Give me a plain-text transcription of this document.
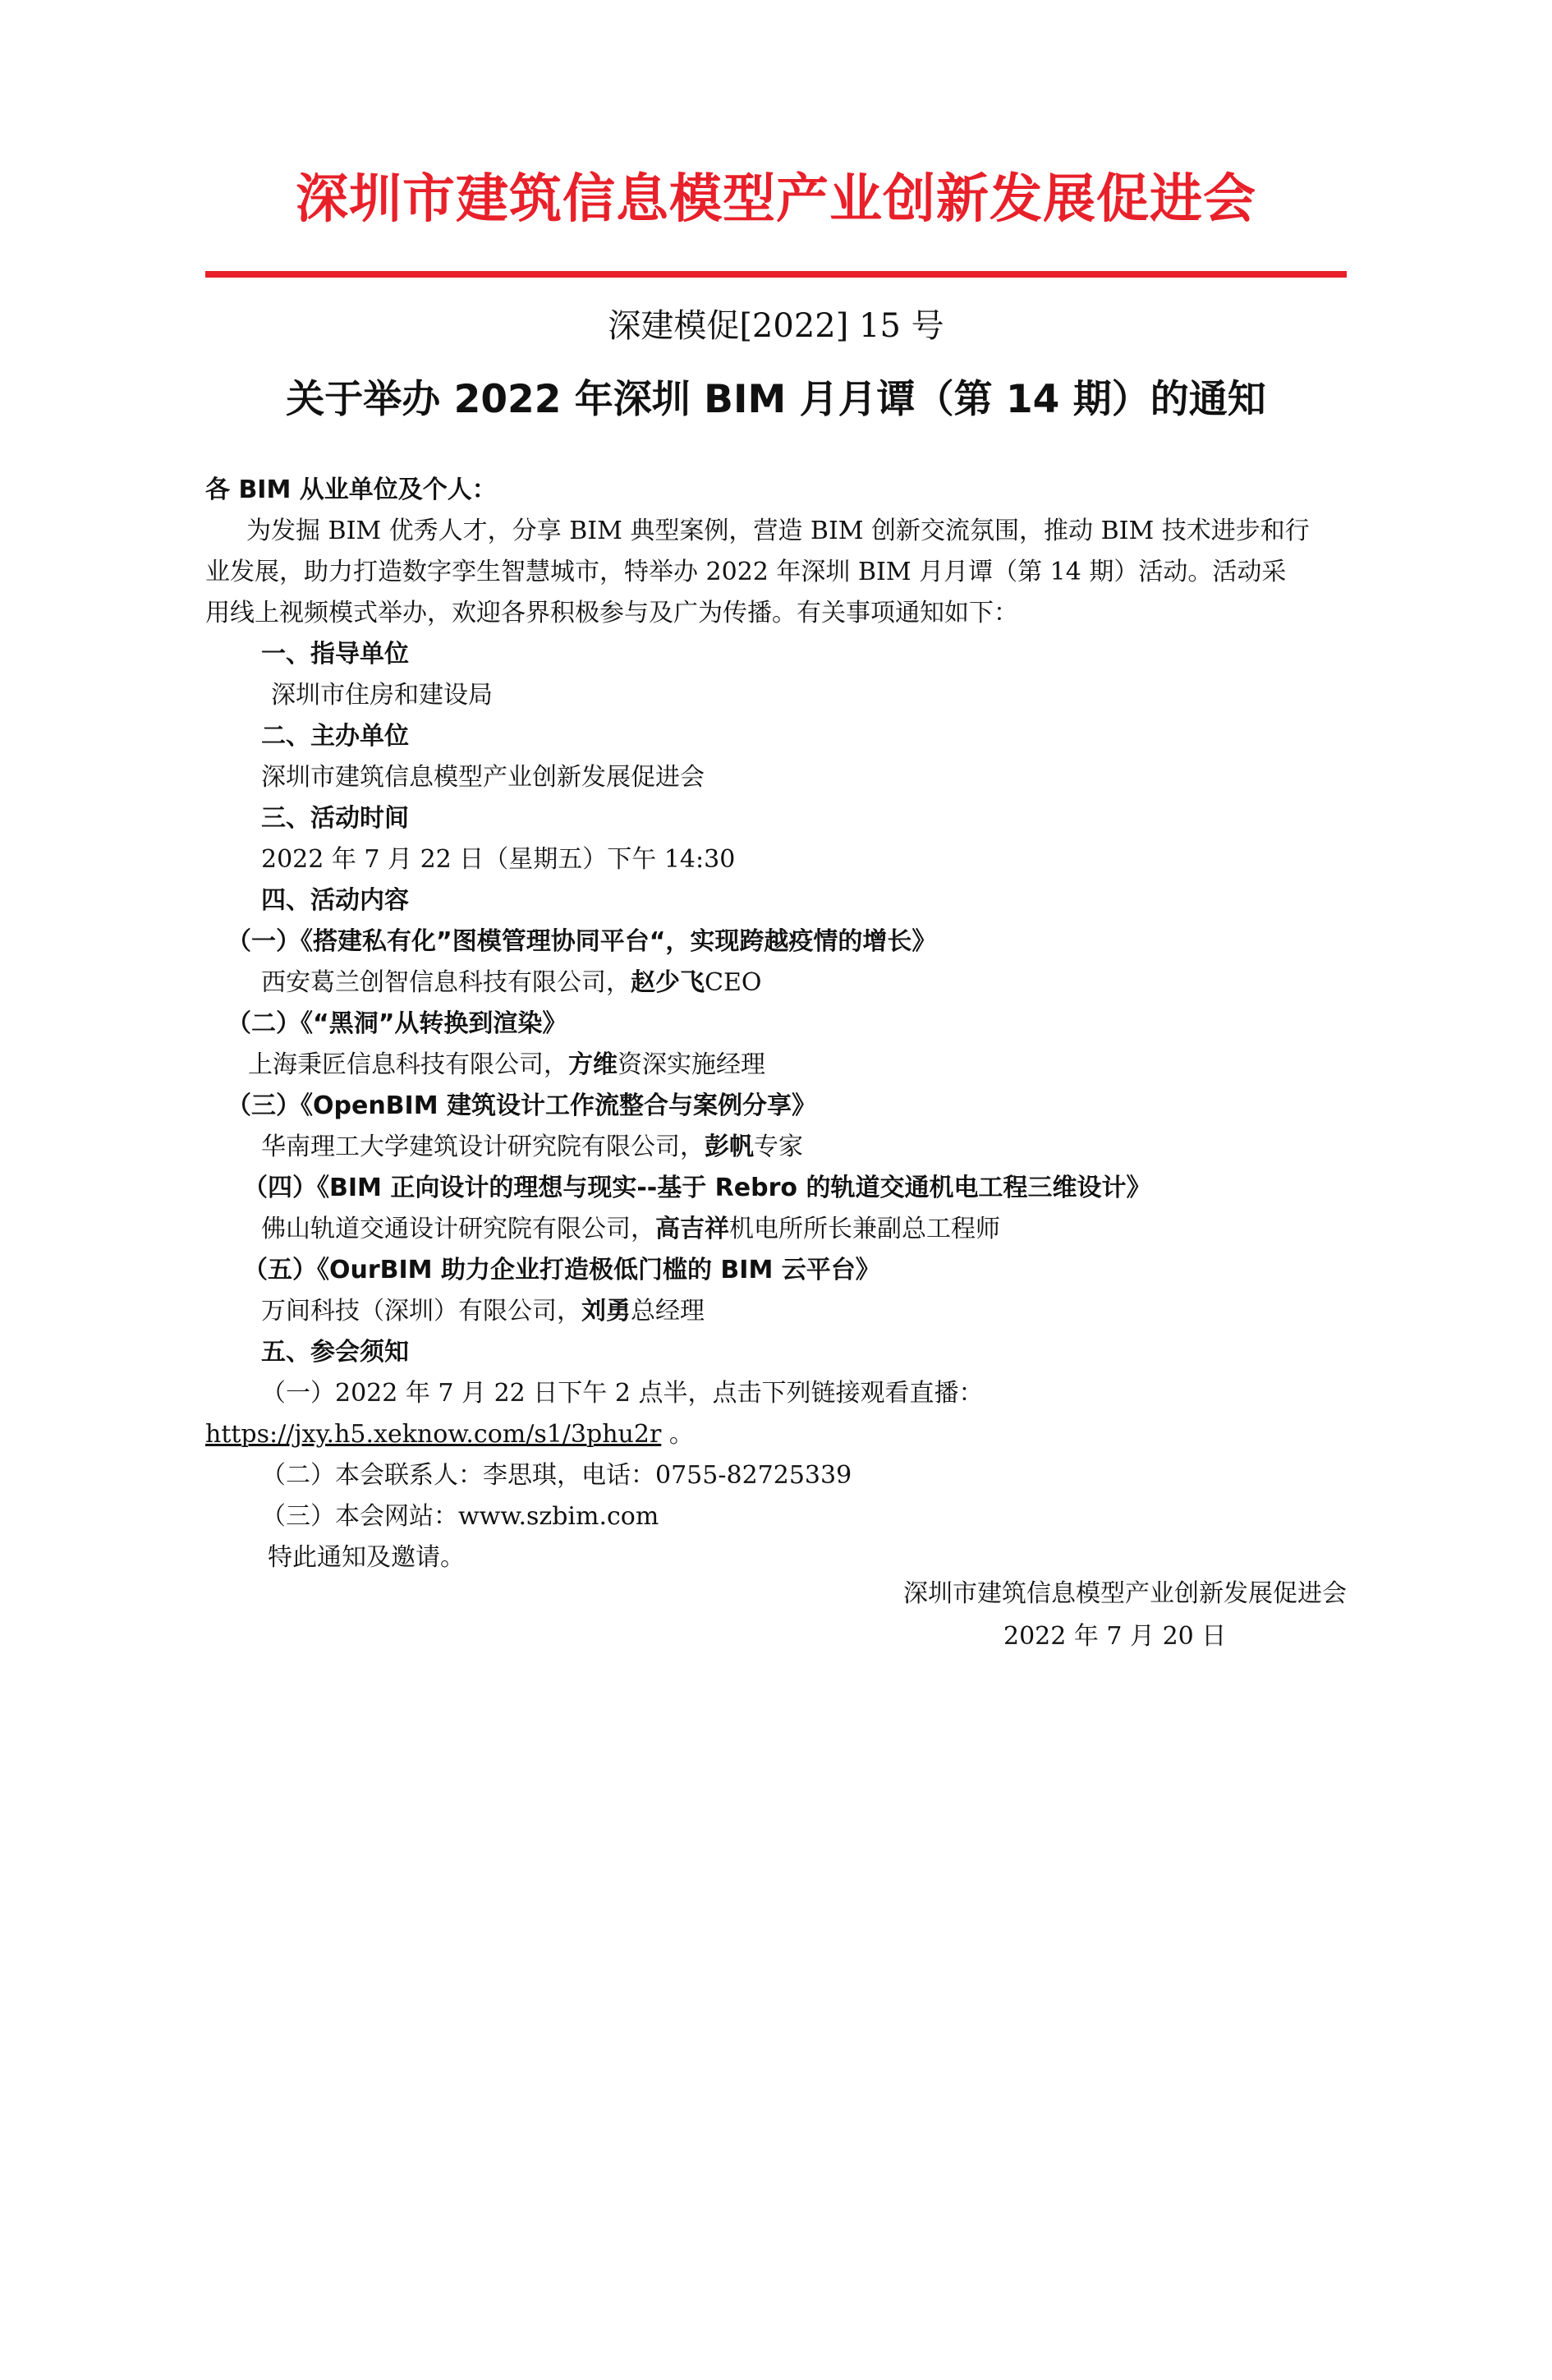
深圳市建筑信息模型产业创新发展促进会
深建模促[2022] 15 号
关于举办 2022 年深圳 BIM 月月谭（第 14 期）的通知
各 BIM 从业单位及个人：
为发掘 BIM 优秀人才，分享 BIM 典型案例，营造 BIM 创新交流氛围，推动 BIM 技术进步和行
业发展，助力打造数字孪生智慧城市，特举办 2022 年深圳 BIM 月月谭（第 14 期）活动。活动采
用线上视频模式举办，欢迎各界积极参与及广为传播。有关事项通知如下：
一、指导单位
深圳市住房和建设局
二、主办单位
深圳市建筑信息模型产业创新发展促进会
三、活动时间
2022 年 7 月 22 日（星期五）下午 14:30
四、活动内容
（一）《搭建私有化”图模管理协同平台“，实现跨越疫情的增长》
西安葛兰创智信息科技有限公司，赵少飞CEO
（二）《“黑洞”从转换到渲染》
上海秉匠信息科技有限公司，方维资深实施经理
（三）《OpenBIM 建筑设计工作流整合与案例分享》
华南理工大学建筑设计研究院有限公司，彭帆专家
（四）《BIM 正向设计的理想与现实--基于 Rebro 的轨道交通机电工程三维设计》
佛山轨道交通设计研究院有限公司，高吉祥机电所所长兼副总工程师
（五）《OurBIM 助力企业打造极低门槛的 BIM 云平台》
万间科技（深圳）有限公司，刘勇总经理
五、参会须知
（一）2022 年 7 月 22 日下午 2 点半，点击下列链接观看直播：
https://jxy.h5.xeknow.com/s1/3phu2r 。
（二）本会联系人：李思琪，电话：0755-82725339
（三）本会网站：www.szbim.com
特此通知及邀请。
深圳市建筑信息模型产业创新发展促进会
2022 年 7 月 20 日
